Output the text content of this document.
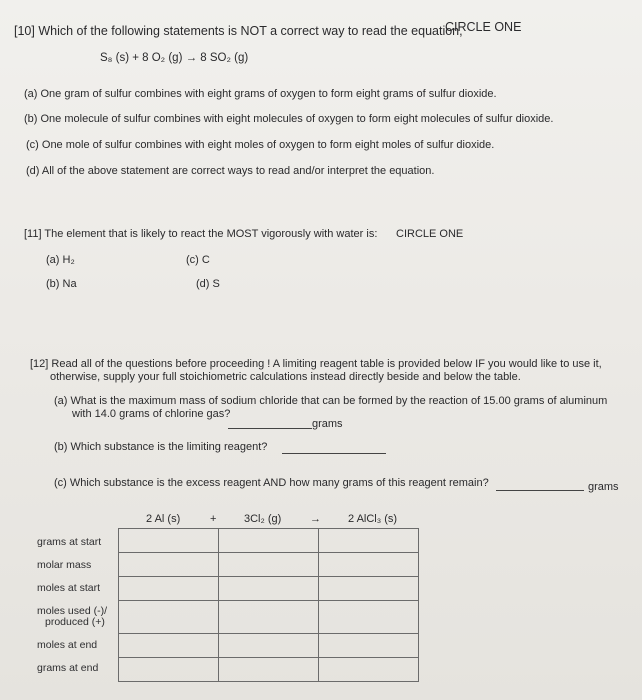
[10] Which of the following statements is NOT a correct way to read the equation,
CIRCLE ONE
S₈ (s) + 8 O₂ (g) → 8 SO₂ (g)
(a) One gram of sulfur combines with eight grams of oxygen to form eight grams of sulfur dioxide.
(b) One molecule of sulfur combines with eight molecules of oxygen to form eight molecules of sulfur dioxide.
(c) One mole of sulfur combines with eight moles of oxygen to form eight moles of sulfur dioxide.
(d) All of the above statement are correct ways to read and/or interpret the equation.
[11] The element that is likely to react the MOST vigorously with water is: CIRCLE ONE
(a) H₂	(c) C
(b) Na	(d) S
[12] Read all of the questions before proceeding ! A limiting reagent table is provided below IF you would like to use it,
otherwise, supply your full stoichiometric calculations instead directly beside and below the table.
(a) What is the maximum mass of sodium chloride that can be formed by the reaction of 15.00 grams of aluminum
with 14.0 grams of chlorine gas?
grams
(b) Which substance is the limiting reagent?
(c) Which substance is the excess reagent AND how many grams of this reagent remain?	grams
2 Al (s)	+	3Cl₂ (g)	→ 2 AlCl₃ (s)
grams at start
molar mass
moles at start
moles used (-)/
produced (+)
moles at end
grams at end
